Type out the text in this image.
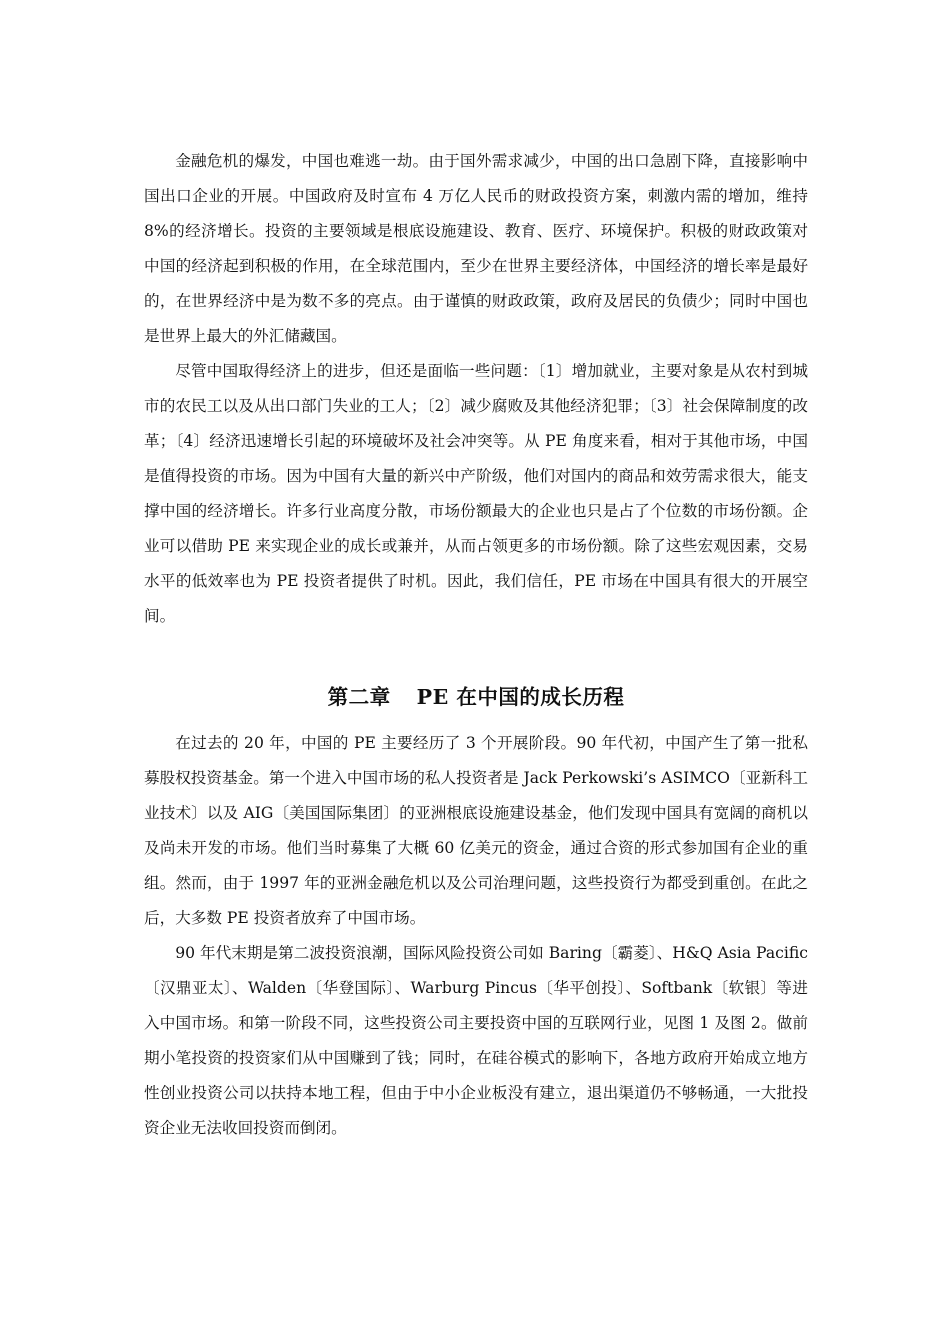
金融危机的爆发，中国也难逃一劫。由于国外需求减少，中国的出口急剧下降，直接影响中国出口企业的开展。中国政府及时宣布 4 万亿人民币的财政投资方案，刺激内需的增加，维持 8%的经济增长。投资的主要领域是根底设施建设、教育、医疗、环境保护。积极的财政政策对中国的经济起到积极的作用，在全球范围内，至少在世界主要经济体，中国经济的增长率是最好的，在世界经济中是为数不多的亮点。由于谨慎的财政政策，政府及居民的负债少；同时中国也是世界上最大的外汇储藏国。

尽管中国取得经济上的进步，但还是面临一些问题：〔1〕增加就业，主要对象是从农村到城市的农民工以及从出口部门失业的工人；〔2〕减少腐败及其他经济犯罪；〔3〕社会保障制度的改革；〔4〕经济迅速增长引起的环境破坏及社会冲突等。从 PE 角度来看，相对于其他市场，中国是值得投资的市场。因为中国有大量的新兴中产阶级，他们对国内的商品和效劳需求很大，能支撑中国的经济增长。许多行业高度分散，市场份额最大的企业也只是占了个位数的市场份额。企业可以借助 PE 来实现企业的成长或兼并，从而占领更多的市场份额。除了这些宏观因素，交易水平的低效率也为 PE 投资者提供了时机。因此，我们信任，PE 市场在中国具有很大的开展空间。

第二章 PE 在中国的成长历程

在过去的 20 年，中国的 PE 主要经历了 3 个开展阶段。90 年代初，中国产生了第一批私募股权投资基金。第一个进入中国市场的私人投资者是 Jack Perkowski’s ASIMCO〔亚新科工业技术〕以及 AIG〔美国国际集团〕的亚洲根底设施建设基金，他们发现中国具有宽阔的商机以及尚未开发的市场。他们当时募集了大概 60 亿美元的资金，通过合资的形式参加国有企业的重组。然而，由于 1997 年的亚洲金融危机以及公司治理问题，这些投资行为都受到重创。在此之后，大多数 PE 投资者放弃了中国市场。

90 年代末期是第二波投资浪潮，国际风险投资公司如 Baring〔霸菱〕、H&Q Asia Pacific〔汉鼎亚太〕、Walden〔华登国际〕、Warburg Pincus〔华平创投〕、Softbank〔软银〕等进入中国市场。和第一阶段不同，这些投资公司主要投资中国的互联网行业，见图 1 及图 2。做前期小笔投资的投资家们从中国赚到了钱；同时，在硅谷模式的影响下，各地方政府开始成立地方性创业投资公司以扶持本地工程，但由于中小企业板没有建立，退出渠道仍不够畅通，一大批投资企业无法收回投资而倒闭。
